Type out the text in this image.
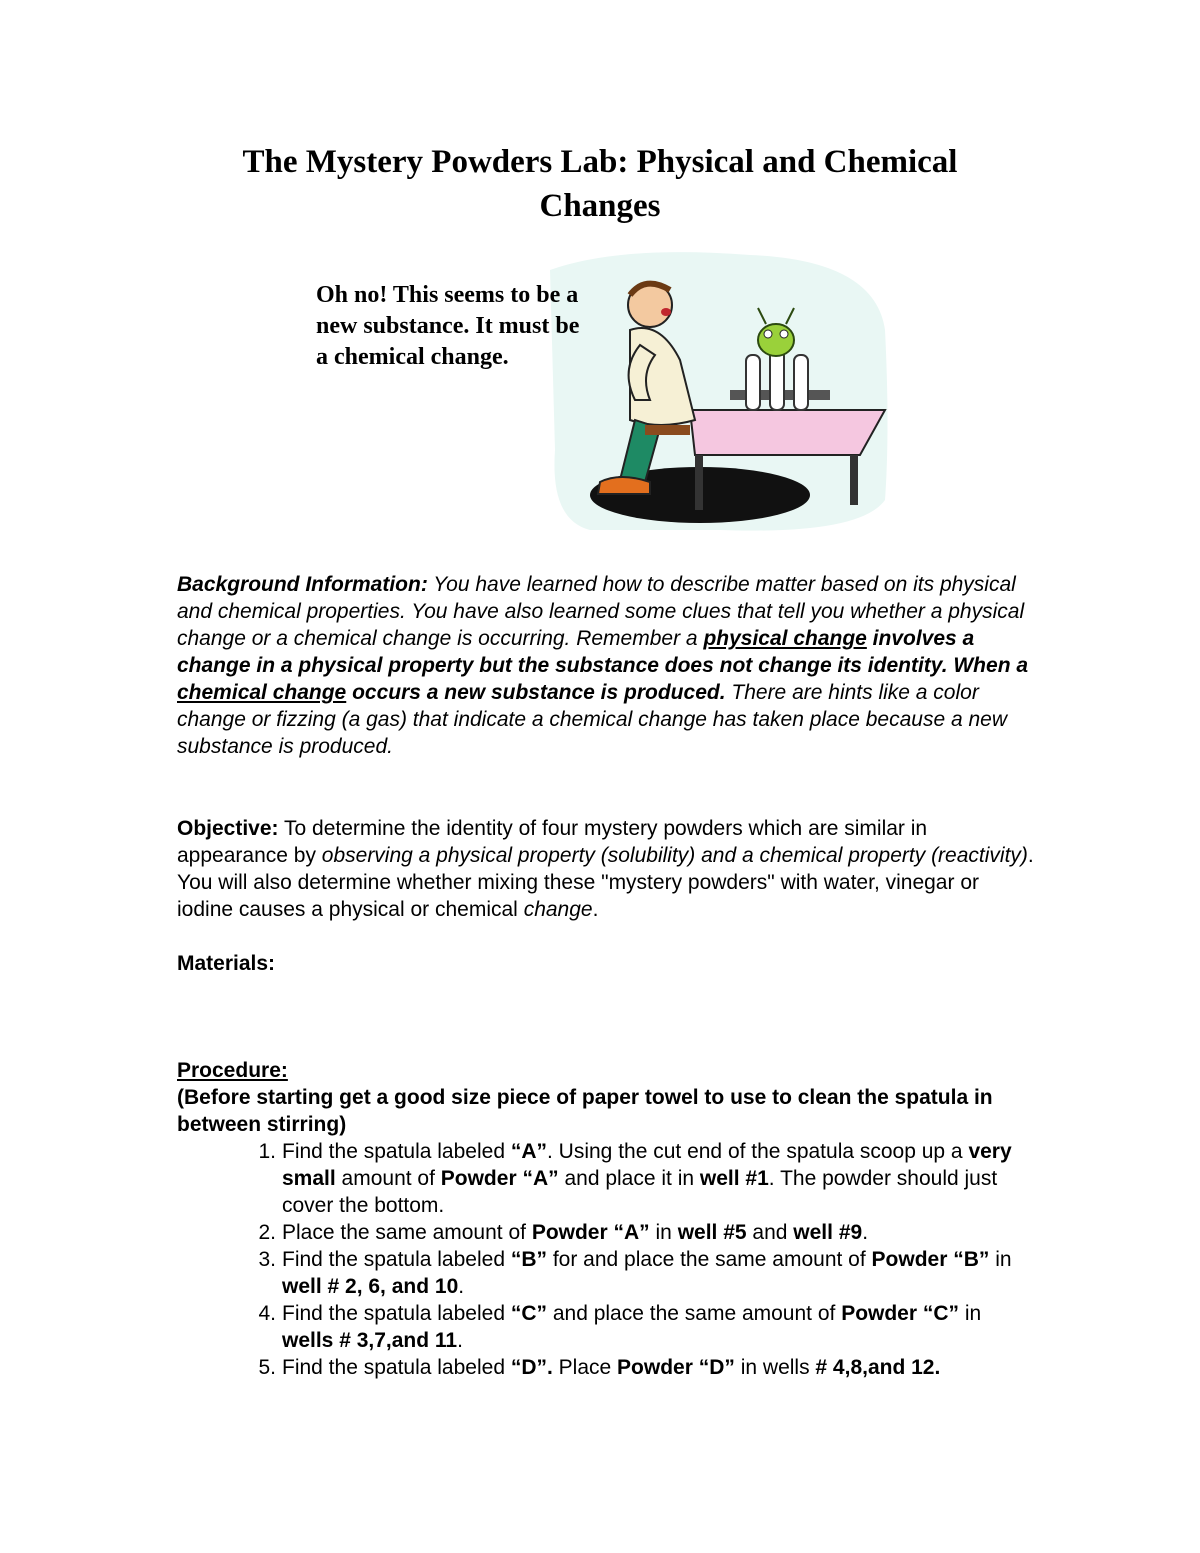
The Mystery Powders Lab: Physical and Chemical
Changes
Oh no! This seems to be a
new substance. It must be
a chemical change.
Background Information: You have learned how to describe matter based on its physical and chemical properties. You have also learned some clues that tell you whether a physical change or a chemical change is occurring. Remember a physical change involves a change in a physical property but the substance does not change its identity. When a chemical change occurs a new substance is produced. There are hints like a color change or fizzing (a gas) that indicate a chemical change has taken place because a new substance is produced.
Objective: To determine the identity of four mystery powders which are similar in appearance by observing a physical property (solubility) and a chemical property (reactivity). You will also determine whether mixing these "mystery powders" with water, vinegar or iodine causes a physical or chemical change.
Materials:
Procedure:
(Before starting get a good size piece of paper towel to use to clean the spatula in between stirring)
1. Find the spatula labeled “A”. Using the cut end of the spatula scoop up a very small amount of Powder “A” and place it in well #1. The powder should just cover the bottom.
2. Place the same amount of Powder “A” in well #5 and well #9.
3. Find the spatula labeled “B” for and place the same amount of Powder “B” in well # 2, 6, and 10.
4. Find the spatula labeled “C” and place the same amount of Powder “C” in wells # 3,7,and 11.
5. Find the spatula labeled “D”. Place Powder “D” in wells # 4,8,and 12.
